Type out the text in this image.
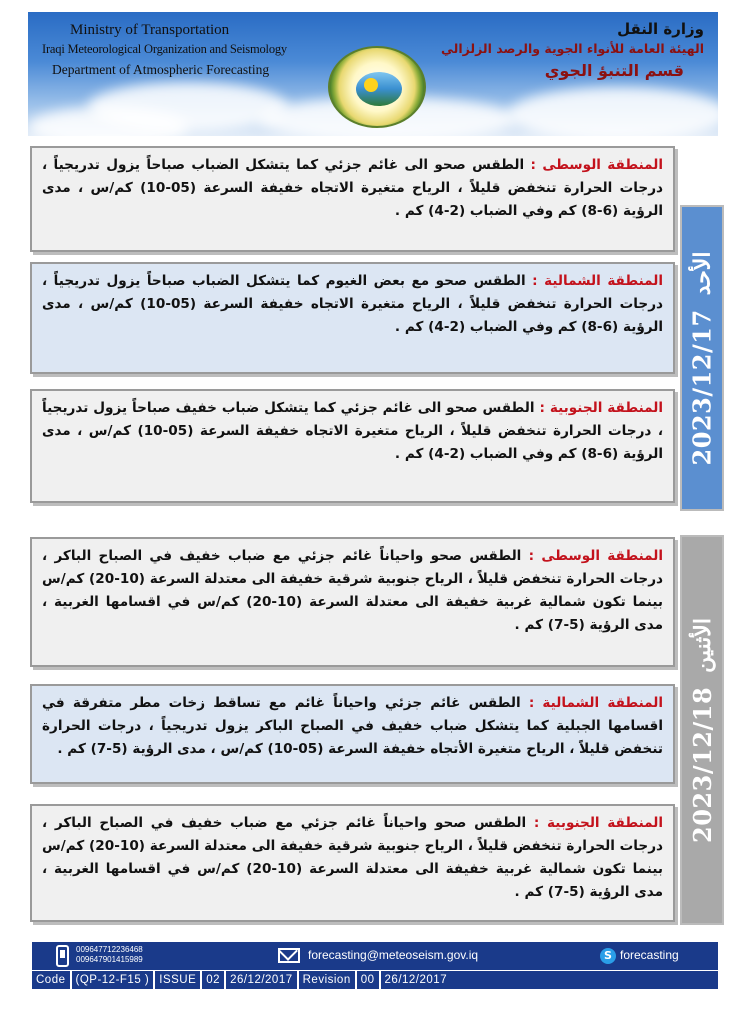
Ministry of Transportation
Iraqi Meteorological Organization and Seismology
Department of Atmospheric Forecasting
وزارة النقل
الهيئة العامة للأنواء الجوية والرصد الزلزالي
قسم التنبؤ الجوي
2023/12/17
الأحد
2023/12/18
الأثنين

المنطقة الوسطى : الطقس صحو الى غائم جزئي كما يتشكل الضباب صباحاً يزول تدريجياً ، درجات الحرارة تنخفض قليلاً ، الرياح متغيرة الاتجاه خفيفة السرعة (05-10) كم/س ، مدى الرؤية (6-8) كم وفي الضباب (2-4) كم .

المنطقة الشمالية : الطقس صحو مع بعض الغيوم كما يتشكل الضباب صباحاً يزول تدريجياً ، درجات الحرارة تنخفض قليلاً ، الرياح متغيرة الاتجاه خفيفة السرعة (05-10) كم/س ، مدى الرؤية (6-8) كم وفي الضباب (2-4) كم .

المنطقة الجنوبية : الطقس صحو الى غائم جزئي كما يتشكل ضباب خفيف صباحاً يزول تدريجياً ، درجات الحرارة تنخفض قليلاً ، الرياح متغيرة الاتجاه خفيفة السرعة (05-10) كم/س ، مدى الرؤية (6-8) كم وفي الضباب (2-4) كم .

المنطقة الوسطى : الطقس صحو واحياناً غائم جزئي مع ضباب خفيف في الصباح الباكر ، درجات الحرارة تنخفض قليلاً ، الرياح جنوبية شرقية خفيفة الى معتدلة السرعة (10-20) كم/س بينما تكون شمالية غربية خفيفة الى معتدلة السرعة (10-20) كم/س في اقسامها الغربية ، مدى الرؤية (5-7) كم .

المنطقة الشمالية : الطقس غائم جزئي واحياناً غائم مع تساقط زخات مطر متفرقة في اقسامها الجبلية كما يتشكل ضباب خفيف في الصباح الباكر يزول تدريجياً ، درجات الحرارة تنخفض قليلاً ، الرياح متغيرة الأتجاه خفيفة السرعة (05-10) كم/س ، مدى الرؤية (5-7) كم .

المنطقة الجنوبية : الطقس صحو واحياناً غائم جزئي مع ضباب خفيف في الصباح الباكر ، درجات الحرارة تنخفض قليلاً ، الرياح جنوبية شرقية خفيفة الى معتدلة السرعة (10-20) كم/س بينما تكون شمالية غربية خفيفة الى معتدلة السرعة (10-20) كم/س في اقسامها الغربية ، مدى الرؤية (5-7) كم .

009647712236468
009647901415989	forecasting@meteoseism.gov.iq	S forecasting
Code (QP-12-F15 ) ISSUE 02 26/12/2017 Revision 00 26/12/2017
